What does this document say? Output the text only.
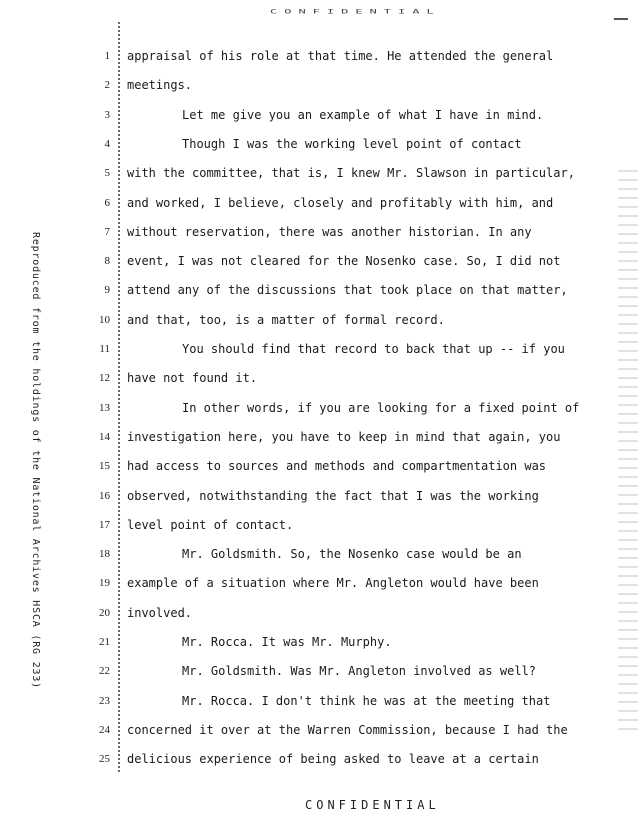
CONFIDENTIAL
Reproduced from the holdings of the National Archives HSCA (RG 233)
1 appraisal of his role at that time. He attended the general
2 meetings.
3	Let me give you an example of what I have in mind.
4	Though I was the working level point of contact
5 with the committee, that is, I knew Mr. Slawson in particular,
6 and worked, I believe, closely and profitably with him, and
7 without reservation, there was another historian. In any
8 event, I was not cleared for the Nosenko case. So, I did not
9 attend any of the discussions that took place on that matter,
10 and that, too, is a matter of formal record.
11	You should find that record to back that up -- if you
12 have not found it.
13	In other words, if you are looking for a fixed point of
14 investigation here, you have to keep in mind that again, you
15 had access to sources and methods and compartmentation was
16 observed, notwithstanding the fact that I was the working
17 level point of contact.
18	Mr. Goldsmith. So, the Nosenko case would be an
19 example of a situation where Mr. Angleton would have been
20 involved.
21	Mr. Rocca. It was Mr. Murphy.
22	Mr. Goldsmith. Was Mr. Angleton involved as well?
23	Mr. Rocca. I don't think he was at the meeting that
24 concerned it over at the Warren Commission, because I had the
25 delicious experience of being asked to leave at a certain
CONFIDENTIAL
